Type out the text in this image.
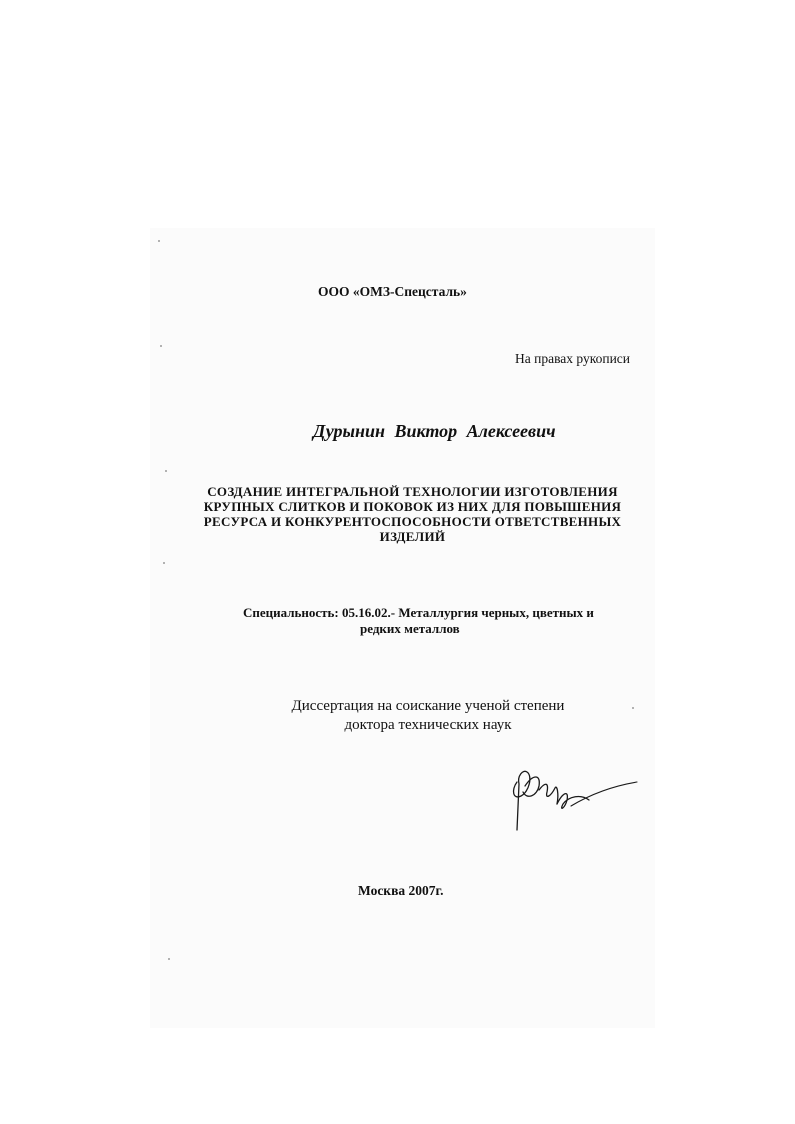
ООО «ОМЗ-Спецсталь»
На правах рукописи
Дурынин Виктор Алексеевич
СОЗДАНИЕ ИНТЕГРАЛЬНОЙ ТЕХНОЛОГИИ ИЗГОТОВЛЕНИЯ
КРУПНЫХ СЛИТКОВ И ПОКОВОК ИЗ НИХ ДЛЯ ПОВЫШЕНИЯ
РЕСУРСА И КОНКУРЕНТОСПОСОБНОСТИ ОТВЕТСТВЕННЫХ
ИЗДЕЛИЙ
Специальность: 05.16.02.- Металлургия черных, цветных и
редких металлов
Диссертация на соискание ученой степени
доктора технических наук
Москва 2007г.
